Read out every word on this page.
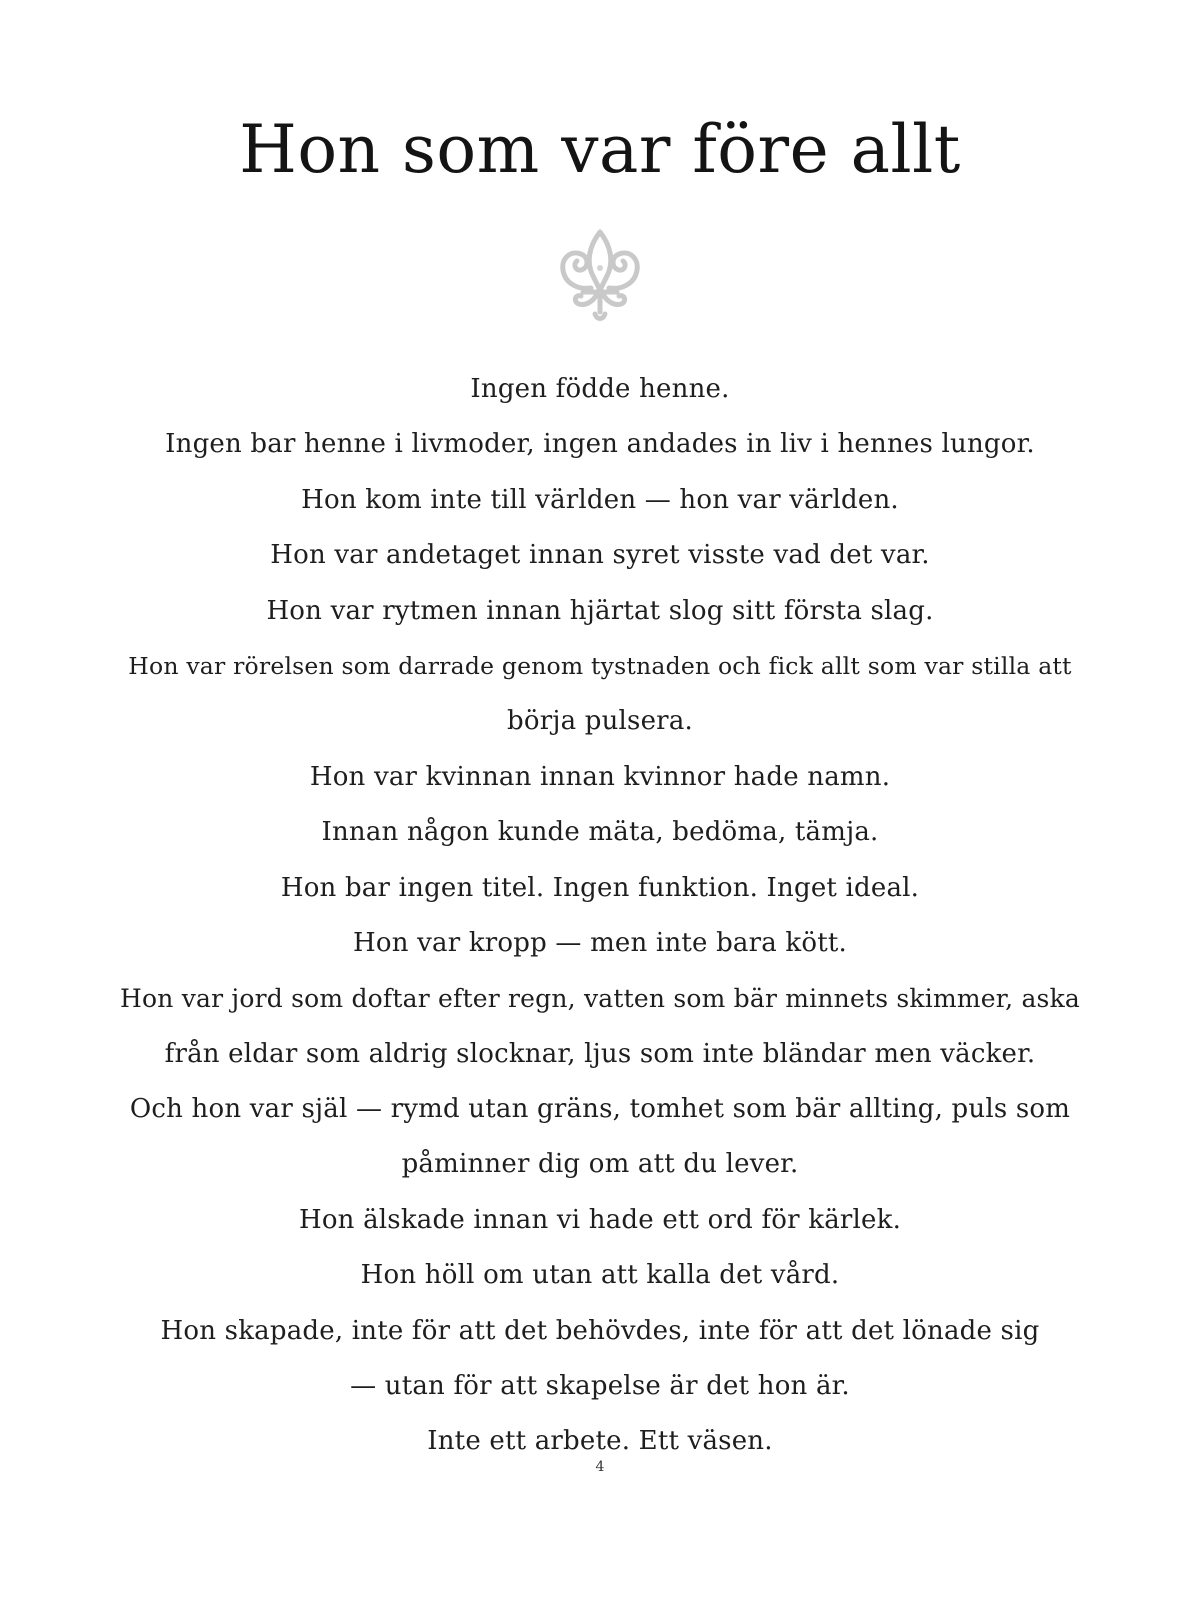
Hon som var före allt
Ingen födde henne.
Ingen bar henne i livmoder, ingen andades in liv i hennes lungor.
Hon kom inte till världen — hon var världen.
Hon var andetaget innan syret visste vad det var.
Hon var rytmen innan hjärtat slog sitt första slag.
Hon var rörelsen som darrade genom tystnaden och fick allt som var stilla att
börja pulsera.
Hon var kvinnan innan kvinnor hade namn.
Innan någon kunde mäta, bedöma, tämja.
Hon bar ingen titel. Ingen funktion. Inget ideal.
Hon var kropp — men inte bara kött.
Hon var jord som doftar efter regn, vatten som bär minnets skimmer, aska
från eldar som aldrig slocknar, ljus som inte bländar men väcker.
Och hon var själ — rymd utan gräns, tomhet som bär allting, puls som
påminner dig om att du lever.
Hon älskade innan vi hade ett ord för kärlek.
Hon höll om utan att kalla det vård.
Hon skapade, inte för att det behövdes, inte för att det lönade sig
— utan för att skapelse är det hon är.
Inte ett arbete. Ett väsen.
4
